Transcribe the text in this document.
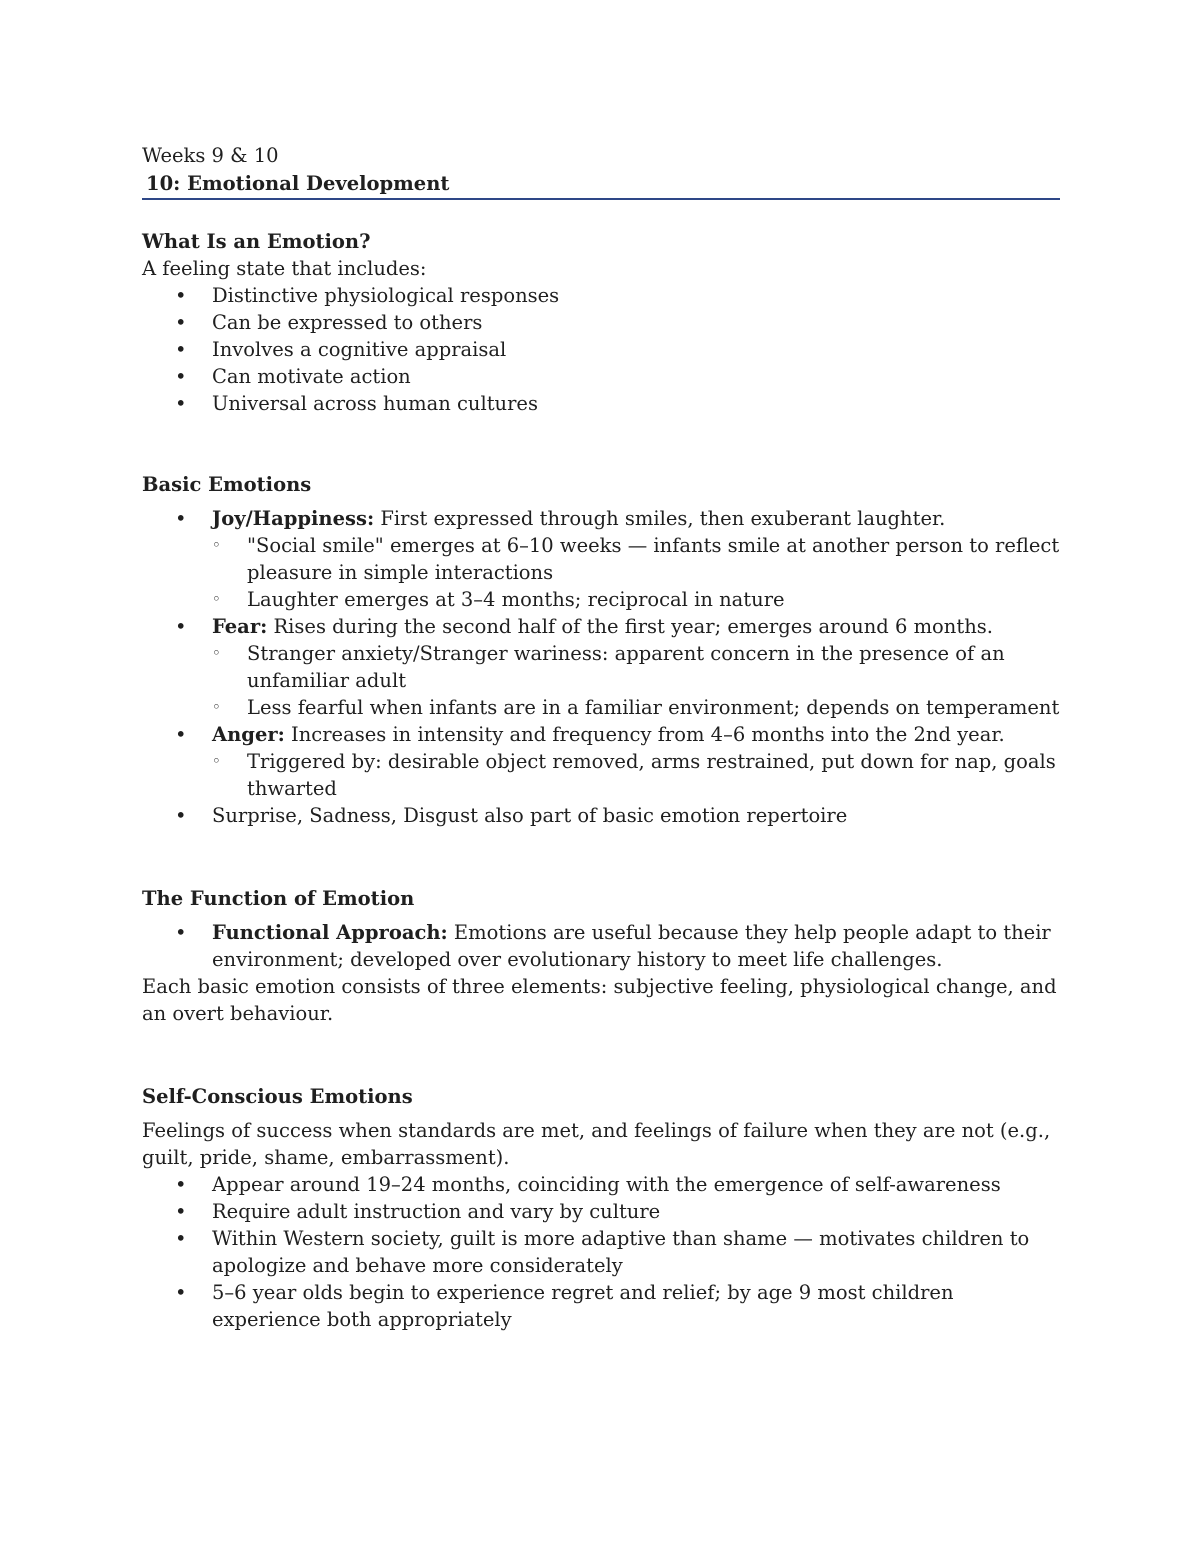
Weeks 9 & 10

10: Emotional Development

What Is an Emotion?

A feeling state that includes:

• Distinctive physiological responses
• Can be expressed to others
• Involves a cognitive appraisal
• Can motivate action
• Universal across human cultures

Basic Emotions

• Joy/Happiness: First expressed through smiles, then exuberant laughter.
◦ "Social smile" emerges at 6–10 weeks — infants smile at another person to reflect pleasure in simple interactions
◦ Laughter emerges at 3–4 months; reciprocal in nature
• Fear: Rises during the second half of the first year; emerges around 6 months.
◦ Stranger anxiety/Stranger wariness: apparent concern in the presence of an unfamiliar adult
◦ Less fearful when infants are in a familiar environment; depends on temperament
• Anger: Increases in intensity and frequency from 4–6 months into the 2nd year.
◦ Triggered by: desirable object removed, arms restrained, put down for nap, goals thwarted
• Surprise, Sadness, Disgust also part of basic emotion repertoire

The Function of Emotion

• Functional Approach: Emotions are useful because they help people adapt to their environment; developed over evolutionary history to meet life challenges.

Each basic emotion consists of three elements: subjective feeling, physiological change, and an overt behaviour.

Self-Conscious Emotions

Feelings of success when standards are met, and feelings of failure when they are not (e.g., guilt, pride, shame, embarrassment).

• Appear around 19–24 months, coinciding with the emergence of self-awareness
• Require adult instruction and vary by culture
• Within Western society, guilt is more adaptive than shame — motivates children to apologize and behave more considerately
• 5–6 year olds begin to experience regret and relief; by age 9 most children experience both appropriately
